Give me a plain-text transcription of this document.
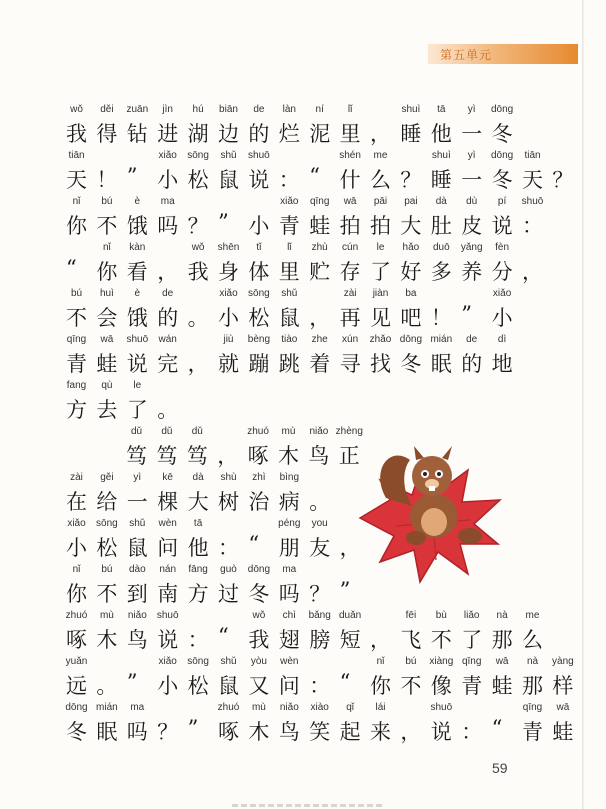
第五单元
我
wǒ
得
děi
钻
zuān
进
jìn
湖
hú
边
biān
的
de
烂
làn
泥
ní
里
lǐ
， 睡
shuì
他
tā
一
yì
冬
dōng
天
tiān
！ ” 小
xiǎo
松
sōng
鼠
shǔ
说
shuō
： “ 什
shén
么
me
？ 睡
shuì
一
yì
冬
dōng
天
tiān
？
你
nǐ
不
bú
饿
è
吗
ma
？ ” 小 青
xiǎo
蛙
qīng
拍
wā
拍
pāi
大
pai
肚
dà
皮
dù
说
pí
：
shuō
“ 你
nǐ
看
kàn
， 我
wǒ
身
shēn
体
tǐ
里
lǐ
贮
zhù
存
cún
了
le
好
hǎo
多
duō
养
yǎng
分
fèn
，
不
bú
会
huì
饿
è
的
de
。 小
xiǎo
松
sōng
鼠
shǔ
， 再
zài
见
jiàn
吧
ba
！ ” 小
xiǎo
青
qīng
蛙
wā
说
shuō
完
wán
， 就
jiù
蹦
bèng
跳
tiào
着
zhe
寻
xún
找
zhǎo
冬
dōng
眠
mián
的
de
地
dì
方
fang
去
qù
了
le
。
笃
dǔ
笃
dǔ
笃
dǔ
， 啄
zhuó
木
mù
鸟
niǎo
正
zhèng
在
zài
给
gěi
一
yì
棵
kē
大
dà
树
shù
治
zhì
病
bìng
。
小
xiǎo
松
sōng
鼠
shǔ
问
wèn
他
tā
： “ 朋
péng
友
you
，
你
nǐ
不
bú
到
dào
南
nán
方
fāng
过
guò
冬
dōng
吗
ma
？ ”
啄
zhuó
木
mù
鸟
niǎo
说
shuō
： “ 我
wǒ
翅
chì
膀
bǎng
短
duǎn
， 飞
fēi
不
bù
了
liǎo
那
nà
么
me
远
yuǎn
。 ” 小
xiǎo
松
sōng
鼠
shǔ
又
yòu
问
wèn
： “ 你
nǐ
不
bú
像
xiàng
青
qīng
蛙
wā
那
nà
样
yàng
冬
dōng
眠
mián
吗
ma
？ ” 啄
zhuó
木
mù
鸟
niǎo
笑
xiào
起
qǐ
来
lái
， 说
shuō
： “ 青
qīng
蛙
wā
59
